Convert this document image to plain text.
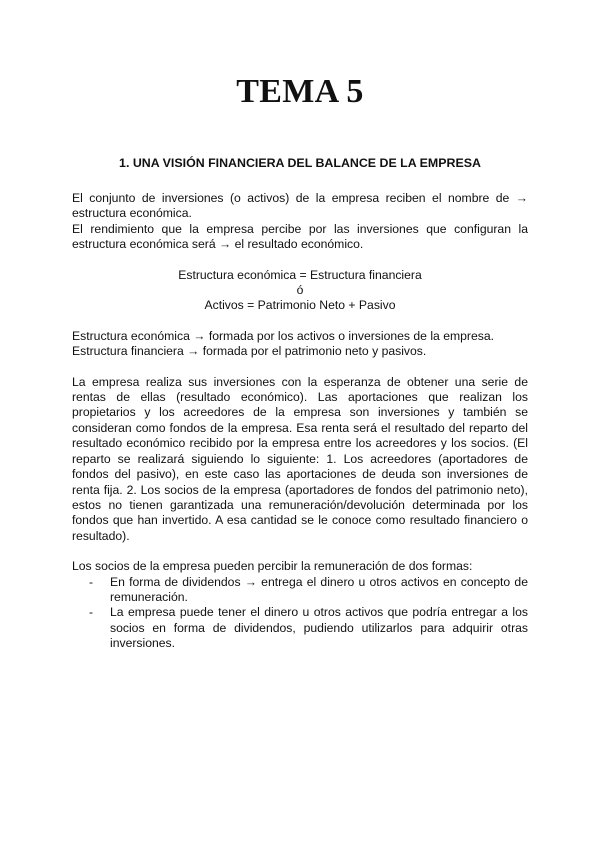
TEMA 5
1. UNA VISIÓN FINANCIERA DEL BALANCE DE LA EMPRESA

El conjunto de inversiones (o activos) de la empresa reciben el nombre de → estructura económica.

El rendimiento que la empresa percibe por las inversiones que configuran la estructura económica será → el resultado económico.

Estructura económica = Estructura financiera

ó

Activos = Patrimonio Neto + Pasivo

Estructura económica → formada por los activos o inversiones de la empresa.

Estructura financiera → formada por el patrimonio neto y pasivos.

La empresa realiza sus inversiones con la esperanza de obtener una serie de rentas de ellas (resultado económico). Las aportaciones que realizan los propietarios y los acreedores de la empresa son inversiones y también se consideran como fondos de la empresa. Esa renta será el resultado del reparto del resultado económico recibido por la empresa entre los acreedores y los socios. (El reparto se realizará siguiendo lo siguiente: 1. Los acreedores (aportadores de fondos del pasivo), en este caso las aportaciones de deuda son inversiones de renta fija. 2. Los socios de la empresa (aportadores de fondos del patrimonio neto), estos no tienen garantizada una remuneración/devolución determinada por los fondos que han invertido. A esa cantidad se le conoce como resultado financiero o resultado).

Los socios de la empresa pueden percibir la remuneración de dos formas:

- En forma de dividendos → entrega el dinero u otros activos en concepto de remuneración.
- La empresa puede tener el dinero u otros activos que podría entregar a los socios en forma de dividendos, pudiendo utilizarlos para adquirir otras inversiones.
